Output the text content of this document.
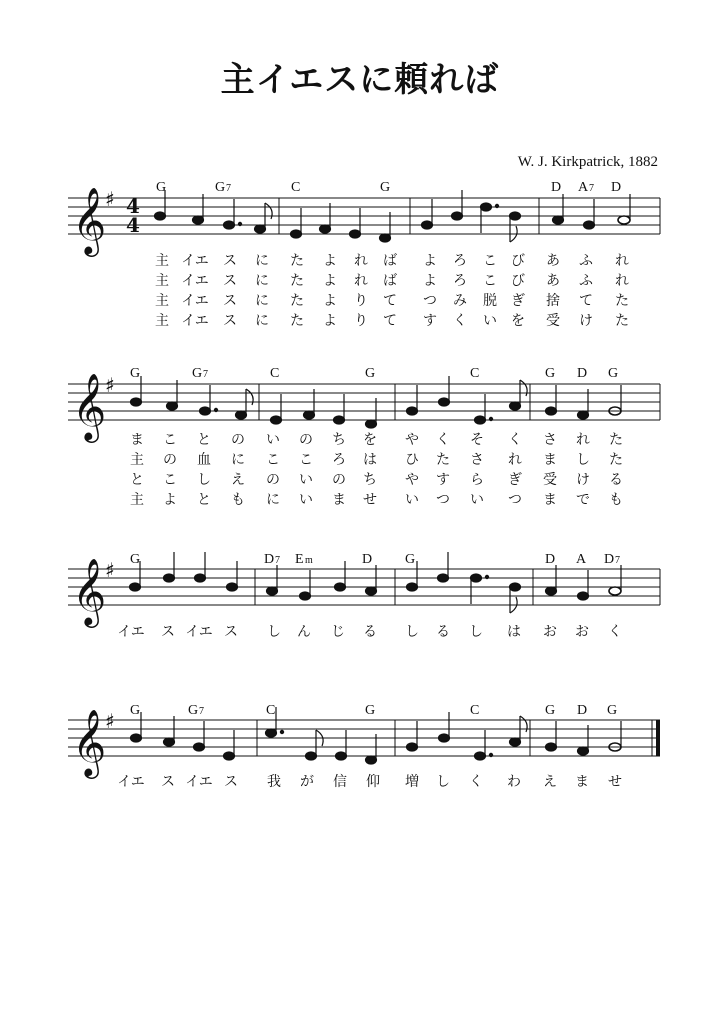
主イエスに頼れば
W. J. Kirkpatrick, 1882
𝄞
♯ 4
4
G	G 7	C	G	D A 7 D
主 イエ ス に た よ れ ば よ ろ こ び あ ふ れ
主 イエ ス に た よ れ ば よ ろ こ び あ ふ れ
主 イエ ス に た よ り て つ み 脱 ぎ 捨 て た
主 イエ ス に た よ り て す く い を 受 け た
𝄞
♯ G	G 7	C	G	C	G D G
ま こ と の い の ち を や く そ く さ れ た
主 の 血 に こ こ ろ は ひ た さ れ ま し た
と こ し え の い の ち や す ら ぎ 受 け る
主 よ と も に い ま せ い つ い つ ま で も
𝄞
♯ G	D 7 E m	D G	D A D 7
イエ ス イエ ス し ん じ る し る し は お お く
𝄞
♯ G	G 7	C	G	C	G D G
イエ ス イエ ス 我 が 信 仰 増 し く わ え ま せ
